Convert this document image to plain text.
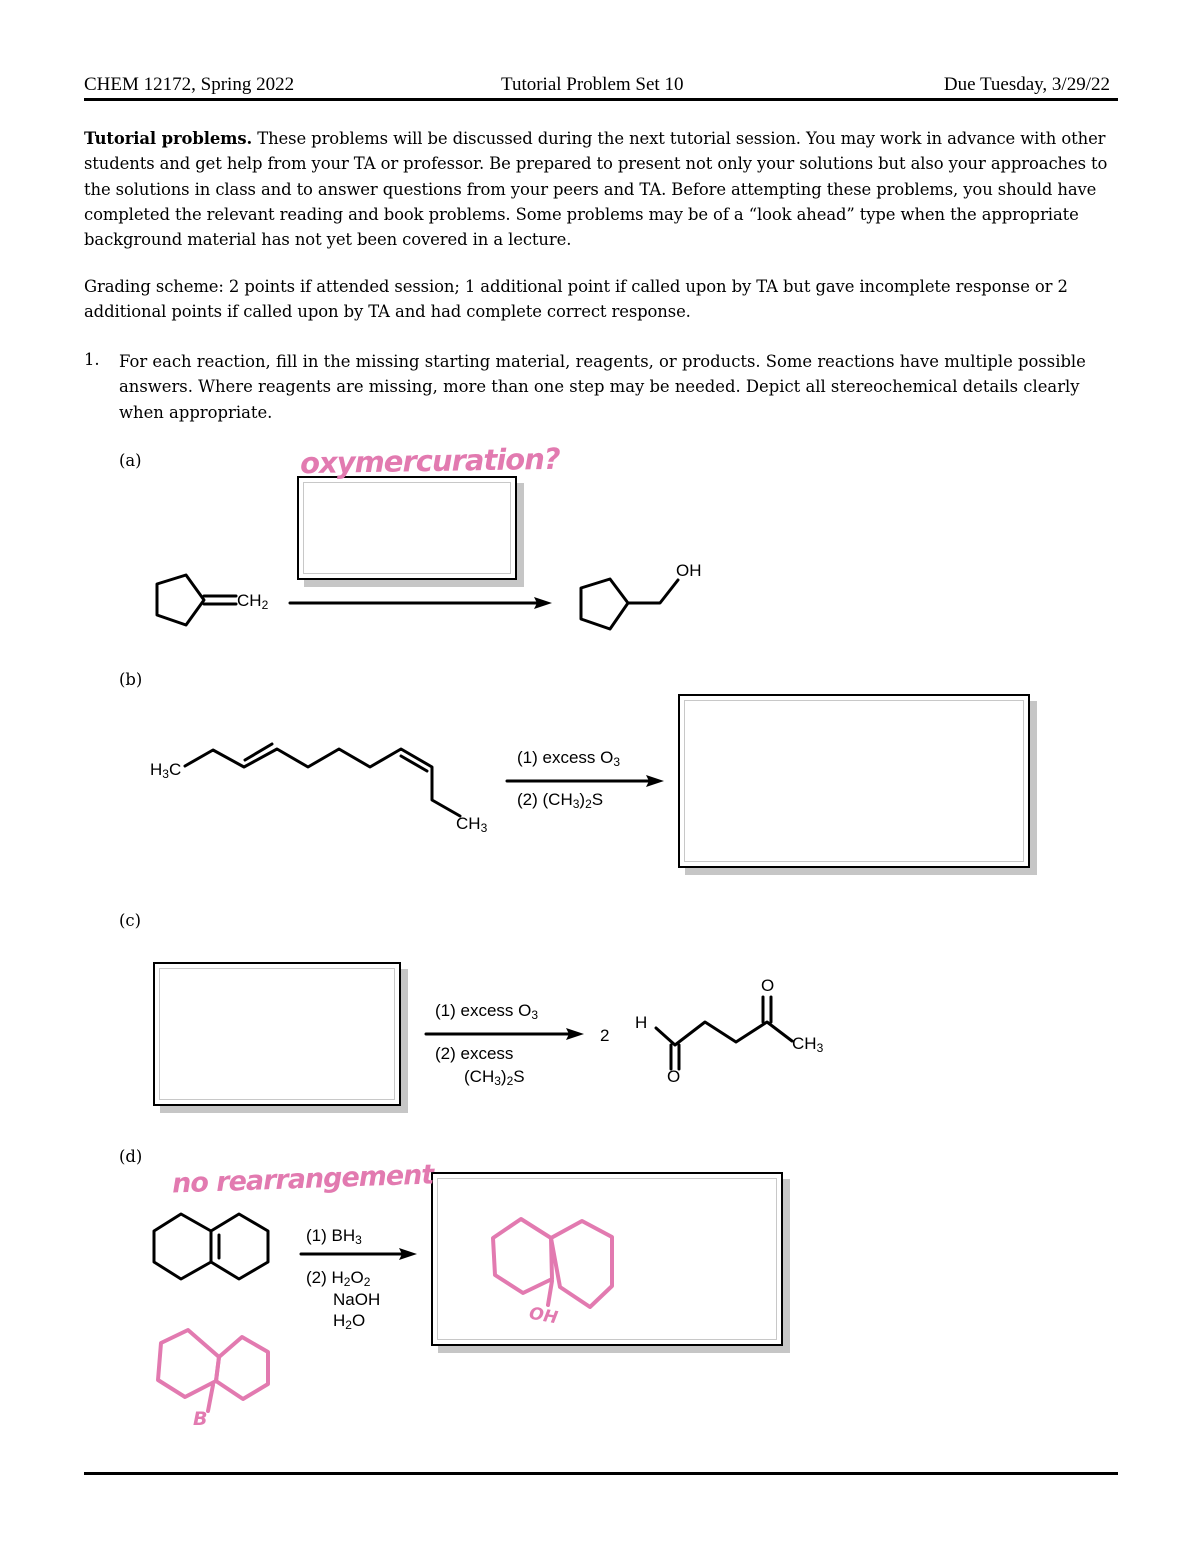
CHEM 12172, Spring 2022	Tutorial Problem Set 10	Due Tuesday, 3/29/22
Tutorial problems. These problems will be discussed during the next tutorial session. You may work in advance with other students and get help from your TA or professor. Be prepared to present not only your solutions but also your approaches to the solutions in class and to answer questions from your peers and TA. Before attempting these problems, you should have completed the relevant reading and book problems. Some problems may be of a “look ahead” type when the appropriate background material has not yet been covered in a lecture.
Grading scheme: 2 points if attended session; 1 additional point if called upon by TA but gave incomplete response or 2 additional points if called upon by TA and had complete correct response.
1. For each reaction, fill in the missing starting material, reagents, or products. Some reactions have multiple possible answers. Where reagents are missing, more than one step may be needed. Depict all stereochemical details clearly when appropriate.
(a)
(b)
(c)
(d)
$CH_2$
OH
$H_3C$
$CH_3$
(1) excess $O_3$
(2) $(CH_3)_2S$
(1) excess $O_3$
(2) excess
$(CH_3)_2S$
2
H
O
O
$CH_3$
(1) $BH_3$
(2) $H_2O_2$
NaOH
$H_2O$
oxymercuration?
no rearrangement
OH
B
